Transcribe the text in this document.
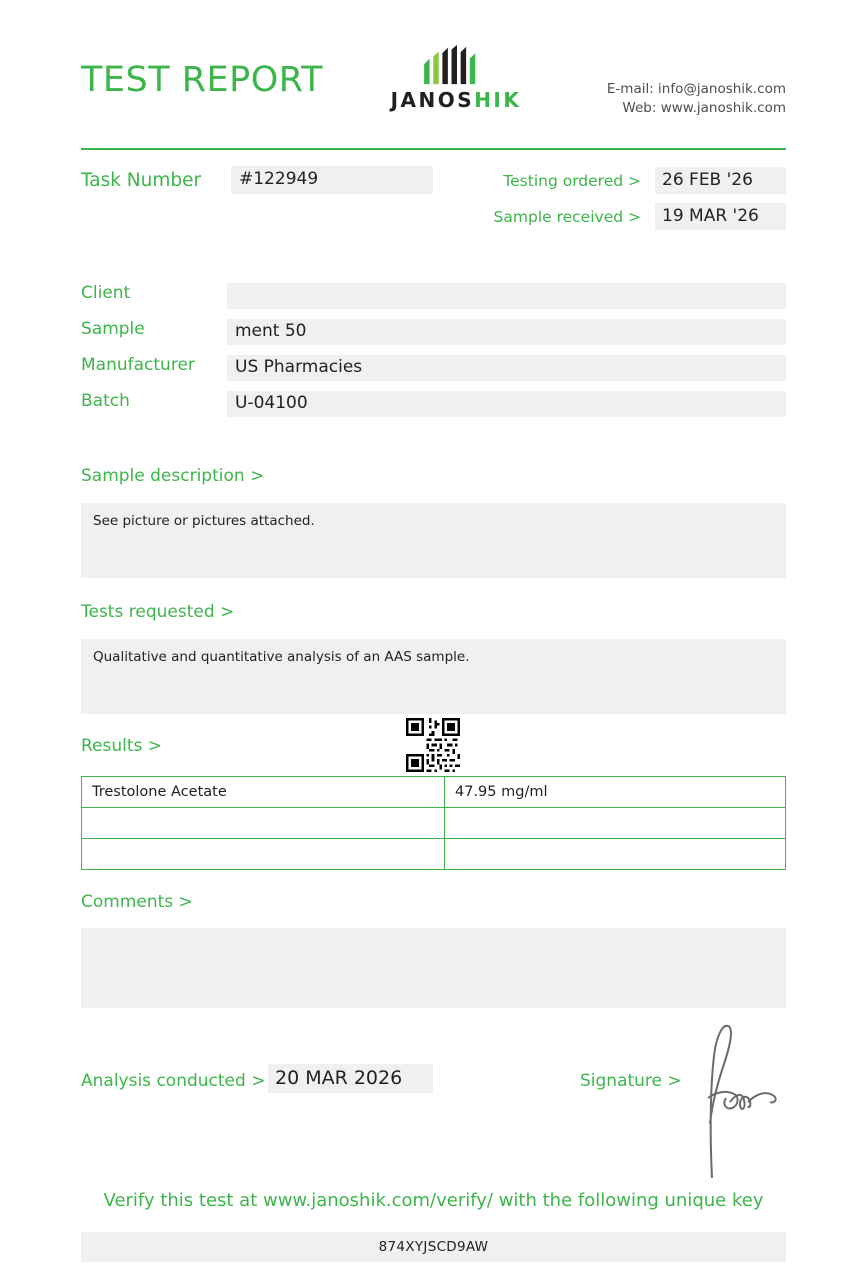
TEST REPORT	JANOSHIK	E-mail: info@janoshik.com
Web: www.janoshik.com
Task Number	#122949	Testing ordered >	26 FEB '26
Sample received >	19 MAR '26
Client
Sample	ment 50
Manufacturer	US Pharmacies
Batch	U-04100
Sample description >
See picture or pictures attached.
Tests requested >
Qualitative and quantitative analysis of an AAS sample.
Results >
Trestolone Acetate	47.95 mg/ml

Comments >
Analysis conducted > 20 MAR 2026	Signature >
Verify this test at www.janoshik.com/verify/ with the following unique key
874XYJSCD9AW
